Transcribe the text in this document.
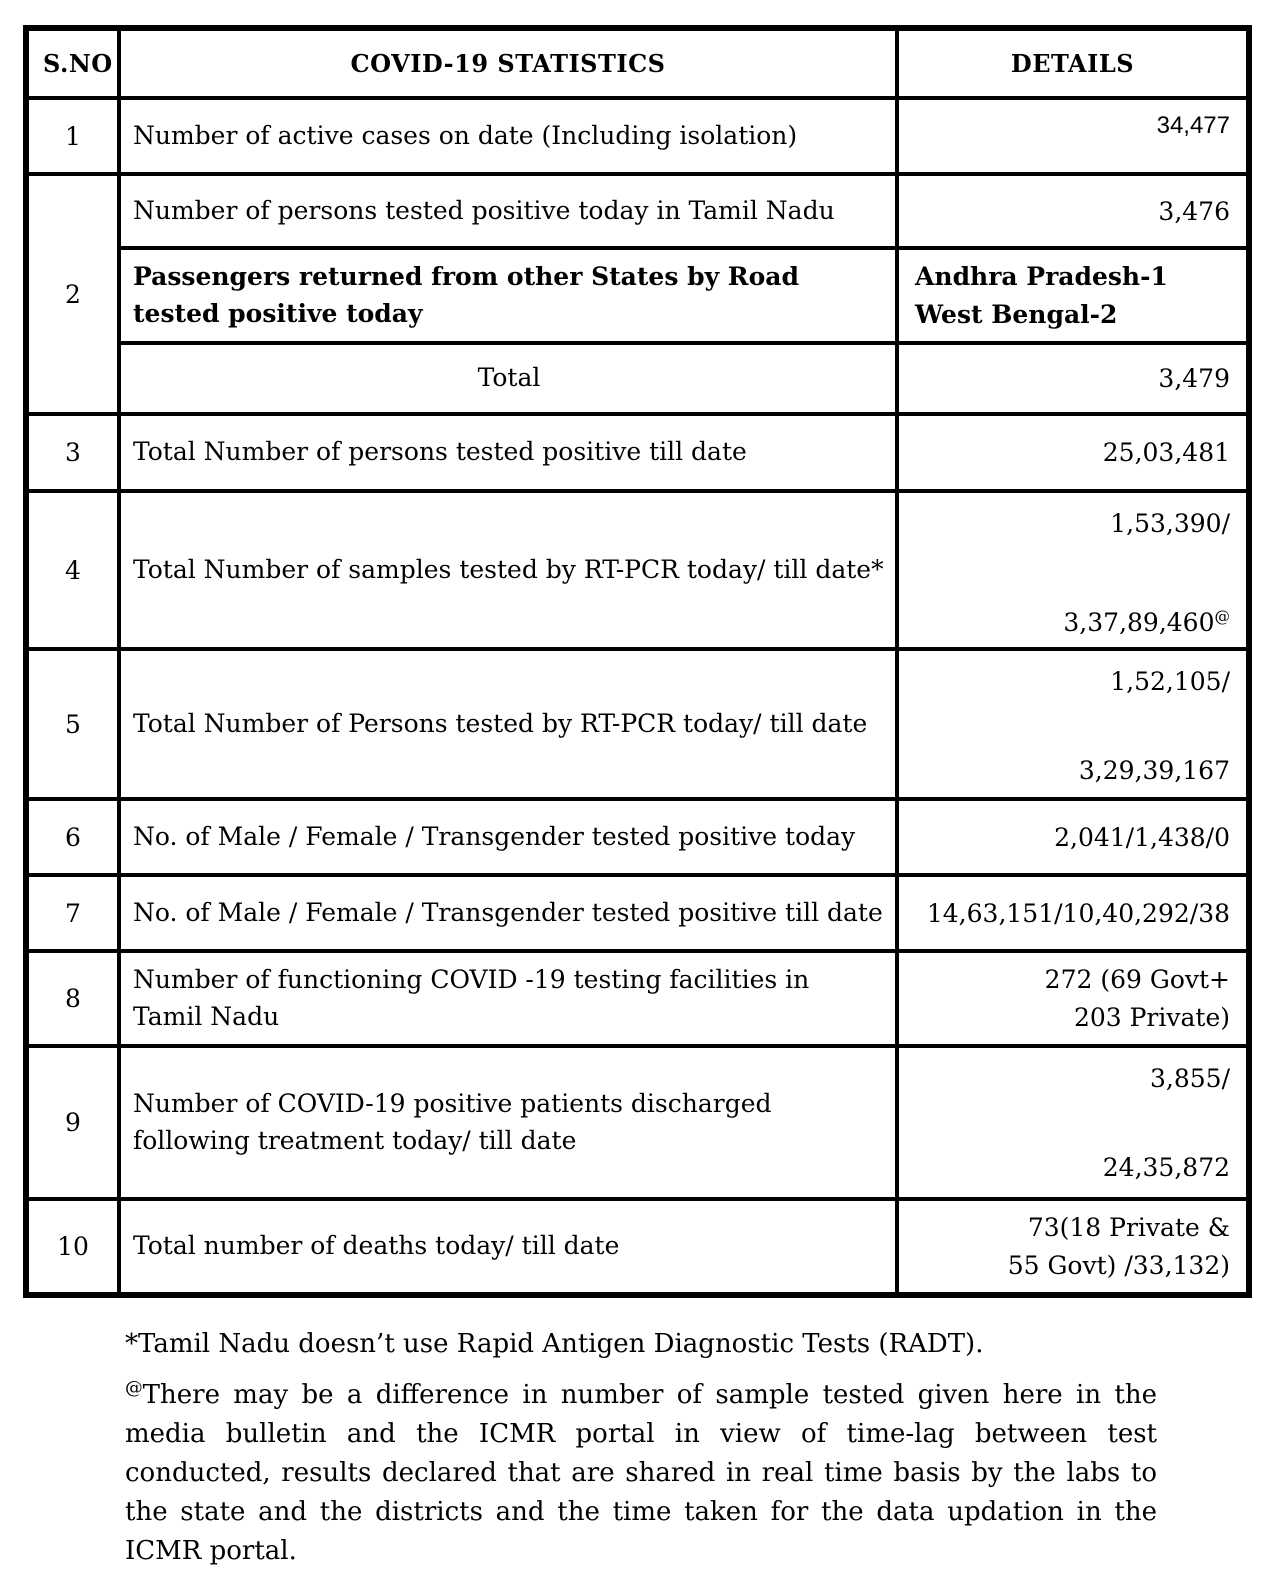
S.NO	COVID-19 STATISTICS	DETAILS
1	Number of active cases on date (Including isolation)	34,477
2	Number of persons tested positive today in Tamil Nadu	3,476
	Passengers returned from other States by Road tested positive today	Andhra Pradesh-1
West Bengal-2

	Total	3,479
3	Total Number of persons tested positive till date	25,03,481
4	Total Number of samples tested by RT-PCR today/ till date*	1,53,390/
3,37,89,460@

5	Total Number of Persons tested by RT-PCR today/ till date	1,52,105/
3,29,39,167

6	No. of Male / Female / Transgender tested positive today	2,041/1,438/0
7	No. of Male / Female / Transgender tested positive till date	14,63,151/10,40,292/38
8	Number of functioning COVID -19 testing facilities in Tamil Nadu	272 (69 Govt+
203 Private)

9	Number of COVID-19 positive patients discharged following treatment today/ till date	3,855/
24,35,872

10	Total number of deaths today/ till date	73(18 Private &
55 Govt) /33,132)

*Tamil Nadu doesn’t use Rapid Antigen Diagnostic Tests (RADT).

@There may be a difference in number of sample tested given here in the media bulletin and the ICMR portal in view of time-lag between test conducted, results declared that are shared in real time basis by the labs to the state and the districts and the time taken for the data updation in the ICMR portal.
